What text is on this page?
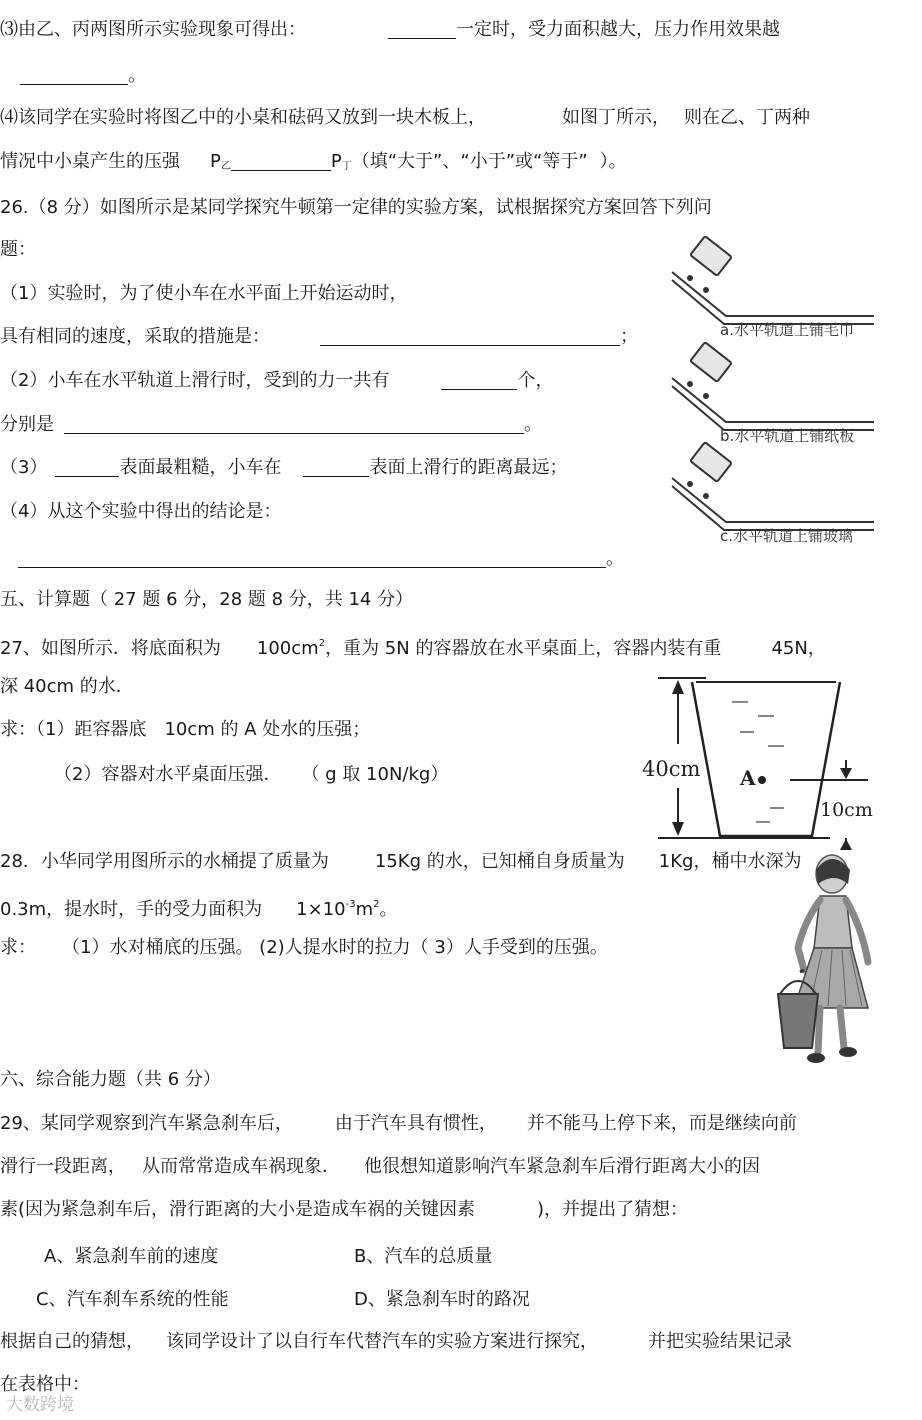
⑶由乙、丙两图所示实验现象可得出：	一定时，受力面积越大，压力作用效果越
。
⑷该同学在实验时将图乙中的小桌和砝码又放到一块木板上，	如图丁所示， 则在乙、丁两种
情况中小桌产生的压强 $P_乙$	$P_丁$（填“大于”、“小于”或“等于” ）。
26.（8 分）如图所示是某同学探究牛顿第一定律的实验方案，试根据探究方案回答下列问
题：
（1）实验时，为了使小车在水平面上开始运动时，
具有相同的速度，采取的措施是：	；
（2）小车在水平轨道上滑行时，受到的力一共有	个，
分别是	。
（3）	表面最粗糙，小车在	表面上滑行的距离最远；
（4）从这个实验中得出的结论是：
。
a.水平轨道上铺毛巾
b.水平轨道上铺纸板
c.水平轨道上铺玻璃
五、计算题（ 27 题 6 分，28 题 8 分，共 14 分）
27、如图所示．将底面积为 $100cm^2$，重为 5N 的容器放在水平桌面上，容器内装有重	45N，
深 40cm 的水．
求：（1）距容器底 10cm 的 A 处水的压强；
（2）容器对水平桌面压强． （ g 取 10N/kg）	40cm A
10cm
28．小华同学用图所示的水桶提了质量为	15Kg 的水，已知桶自身质量为 1Kg，桶中水深为
0.3m，提水时，手的受力面积为 $1\times 10^{-3}m^2$。
求： （1）水对桶底的压强。 (2)人提水时的拉力（ 3）人手受到的压强。
六、综合能力题（共 6 分）
29、某同学观察到汽车紧急刹车后， 由于汽车具有惯性， 并不能马上停下来，而是继续向前
滑行一段距离， 从而常常造成车祸现象． 他很想知道影响汽车紧急刹车后滑行距离大小的因
素(因为紧急刹车后，滑行距离的大小是造成车祸的关键因素	)，并提出了猜想：
A、紧急刹车前的速度	B、汽车的总质量
C、汽车刹车系统的性能	D、紧急刹车时的路况
根据自己的猜想， 该同学设计了以自行车代替汽车的实验方案进行探究，	并把实验结果记录
在表格中：
大数跨境
